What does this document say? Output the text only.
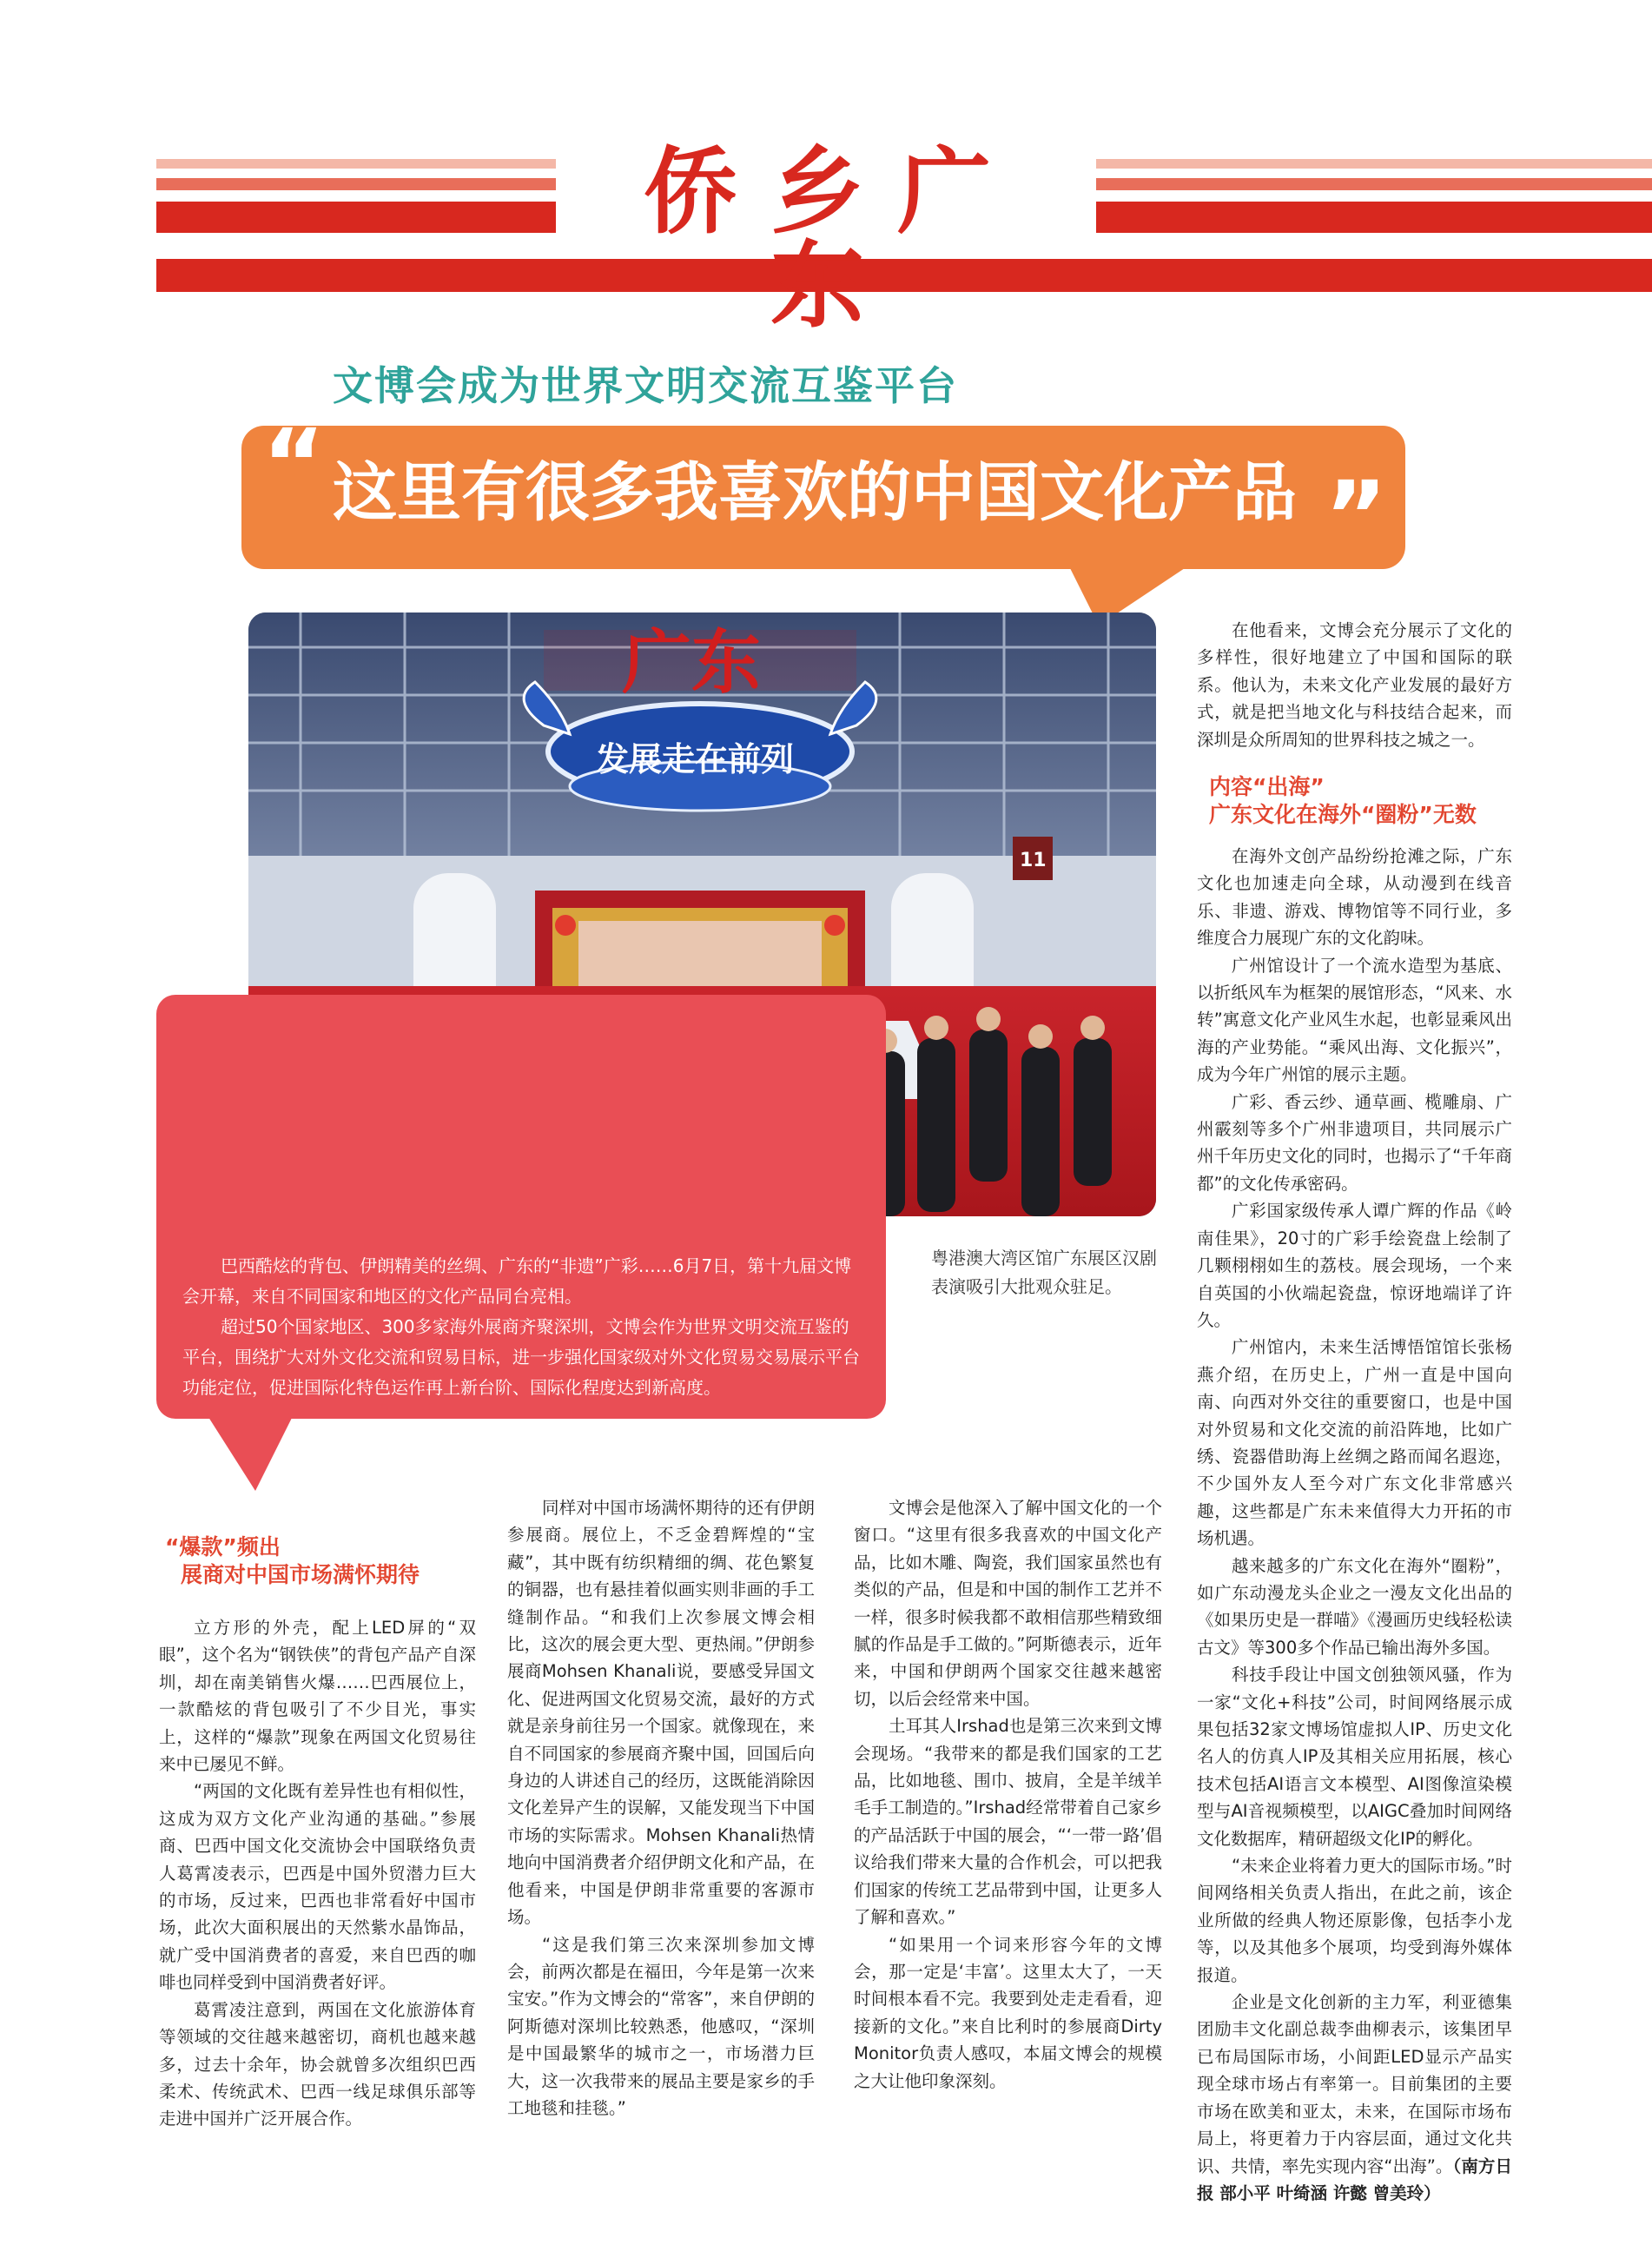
侨乡广东
文博会成为世界文明交流互鉴平台
“ 这里有很多我喜欢的中国文化产品 ”
广东
发展走在前列
11

巴西酷炫的背包、伊朗精美的丝绸、广东的“非遗”广彩……6月7日，第十九届文博会开幕，来自不同国家和地区的文化产品同台亮相。

超过50个国家地区、300多家海外展商齐聚深圳，文博会作为世界文明交流互鉴的平台，围绕扩大对外文化交流和贸易目标，进一步强化国家级对外文化贸易交易展示平台功能定位，促进国际化特色运作再上新台阶、国际化程度达到新高度。

粤港澳大湾区馆广东展区汉剧表演吸引大批观众驻足。
“爆款”频出
展商对中国市场满怀期待

立方形的外壳，配上LED屏的“双眼”，这个名为“钢铁侠”的背包产品产自深圳，却在南美销售火爆……巴西展位上，一款酷炫的背包吸引了不少目光，事实上，这样的“爆款”现象在两国文化贸易往来中已屡见不鲜。

“两国的文化既有差异性也有相似性，这成为双方文化产业沟通的基础。”参展商、巴西中国文化交流协会中国联络负责人葛霄凌表示，巴西是中国外贸潜力巨大的市场，反过来，巴西也非常看好中国市场，此次大面积展出的天然紫水晶饰品，就广受中国消费者的喜爱，来自巴西的咖啡也同样受到中国消费者好评。

葛霄凌注意到，两国在文化旅游体育等领域的交往越来越密切，商机也越来越多，过去十余年，协会就曾多次组织巴西柔术、传统武术、巴西一线足球俱乐部等走进中国并广泛开展合作。

同样对中国市场满怀期待的还有伊朗参展商。展位上，不乏金碧辉煌的“宝藏”，其中既有纺织精细的绸、花色繁复的铜器，也有悬挂着似画实则非画的手工缝制作品。“和我们上次参展文博会相比，这次的展会更大型、更热闹。”伊朗参展商Mohsen Khanali说，要感受异国文化、促进两国文化贸易交流，最好的方式就是亲身前往另一个国家。就像现在，来自不同国家的参展商齐聚中国，回国后向身边的人讲述自己的经历，这既能消除因文化差异产生的误解，又能发现当下中国市场的实际需求。Mohsen Khanali热情地向中国消费者介绍伊朗文化和产品，在他看来，中国是伊朗非常重要的客源市场。

“这是我们第三次来深圳参加文博会，前两次都是在福田，今年是第一次来宝安。”作为文博会的“常客”，来自伊朗的阿斯德对深圳比较熟悉，他感叹，“深圳是中国最繁华的城市之一，市场潜力巨大，这一次我带来的展品主要是家乡的手工地毯和挂毯。”

文博会是他深入了解中国文化的一个窗口。“这里有很多我喜欢的中国文化产品，比如木雕、陶瓷，我们国家虽然也有类似的产品，但是和中国的制作工艺并不一样，很多时候我都不敢相信那些精致细腻的作品是手工做的。”阿斯德表示，近年来，中国和伊朗两个国家交往越来越密切，以后会经常来中国。

土耳其人Irshad也是第三次来到文博会现场。“我带来的都是我们国家的工艺品，比如地毯、围巾、披肩，全是羊绒羊毛手工制造的。”Irshad经常带着自己家乡的产品活跃于中国的展会，“‘一带一路’倡议给我们带来大量的合作机会，可以把我们国家的传统工艺品带到中国，让更多人了解和喜欢。”

“如果用一个词来形容今年的文博会，那一定是‘丰富’。这里太大了，一天时间根本看不完。我要到处走走看看，迎接新的文化。”来自比利时的参展商Dirty Monitor负责人感叹，本届文博会的规模之大让他印象深刻。

在他看来，文博会充分展示了文化的多样性，很好地建立了中国和国际的联系。他认为，未来文化产业发展的最好方式，就是把当地文化与科技结合起来，而深圳是众所周知的世界科技之城之一。

内容“出海”
广东文化在海外“圈粉”无数

在海外文创产品纷纷抢滩之际，广东文化也加速走向全球，从动漫到在线音乐、非遗、游戏、博物馆等不同行业，多维度合力展现广东的文化韵味。

广州馆设计了一个流水造型为基底、以折纸风车为框架的展馆形态，“风来、水转”寓意文化产业风生水起，也彰显乘风出海的产业势能。“乘风出海、文化振兴”，成为今年广州馆的展示主题。

广彩、香云纱、通草画、榄雕扇、广州霰刻等多个广州非遗项目，共同展示广州千年历史文化的同时，也揭示了“千年商都”的文化传承密码。

广彩国家级传承人谭广辉的作品《岭南佳果》，20寸的广彩手绘瓷盘上绘制了几颗栩栩如生的荔枝。展会现场，一个来自英国的小伙端起瓷盘，惊讶地端详了许久。

广州馆内，未来生活博悟馆馆长张杨燕介绍，在历史上，广州一直是中国向南、向西对外交往的重要窗口，也是中国对外贸易和文化交流的前沿阵地，比如广绣、瓷器借助海上丝绸之路而闻名遐迩，不少国外友人至今对广东文化非常感兴趣，这些都是广东未来值得大力开拓的市场机遇。

越来越多的广东文化在海外“圈粉”，如广东动漫龙头企业之一漫友文化出品的《如果历史是一群喵》《漫画历史线轻松读古文》等300多个作品已输出海外多国。

科技手段让中国文创独领风骚，作为一家“文化+科技”公司，时间网络展示成果包括32家文博场馆虚拟人IP、历史文化名人的仿真人IP及其相关应用拓展，核心技术包括AI语言文本模型、AI图像渲染模型与AI音视频模型，以AIGC叠加时间网络文化数据库，精研超级文化IP的孵化。

“未来企业将着力更大的国际市场。”时间网络相关负责人指出，在此之前，该企业所做的经典人物还原影像，包括李小龙等，以及其他多个展项，均受到海外媒体报道。

企业是文化创新的主力军，利亚德集团励丰文化副总裁李曲柳表示，该集团早已布局国际市场，小间距LED显示产品实现全球市场占有率第一。目前集团的主要市场在欧美和亚太，未来，在国际市场布局上，将更着力于内容层面，通过文化共识、共情，率先实现内容“出海”。（南方日报 部小平 叶绮涵 许懿 曾美玲）
